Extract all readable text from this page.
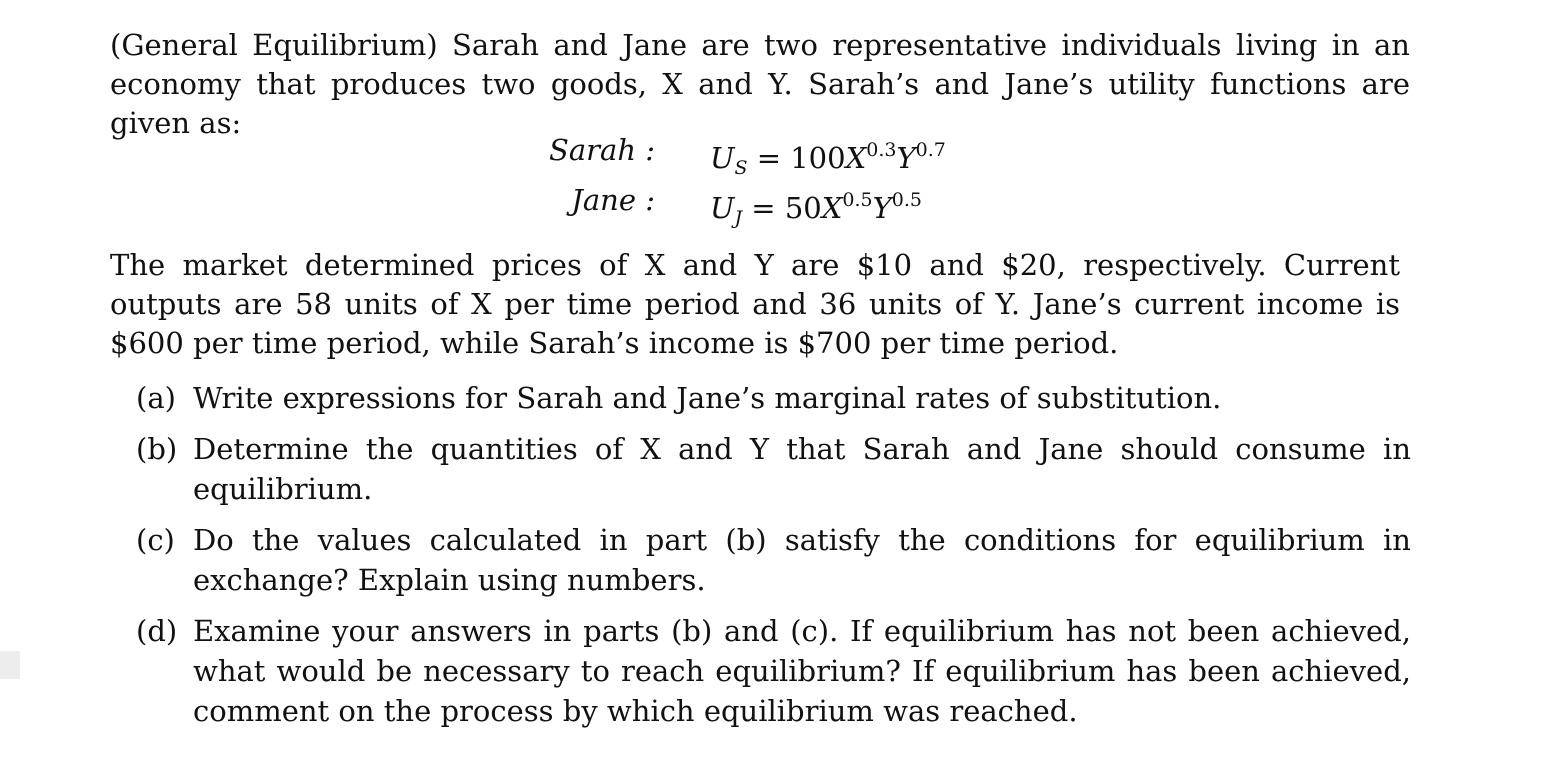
(General Equilibrium) Sarah and Jane are two representative individuals living in an economy that produces two goods, X and Y. Sarah’s and Jane’s utility functions are given as:

Sarah : $U_S = 100X^{0.3}Y^{0.7}$
Jane : $U_J = 50X^{0.5}Y^{0.5}$

The market determined prices of X and Y are $10 and $20, respectively. Current outputs are 58 units of X per time period and 36 units of Y. Jane’s current income is $600 per time period, while Sarah’s income is $700 per time period.

(a) Write expressions for Sarah and Jane’s marginal rates of substitution.
(b) Determine the quantities of X and Y that Sarah and Jane should consume in equilibrium.
(c) Do the values calculated in part (b) satisfy the conditions for equilibrium in exchange? Explain using numbers.
(d) Examine your answers in parts (b) and (c). If equilibrium has not been achieved, what would be necessary to reach equilibrium? If equilibrium has been achieved, comment on the process by which equilibrium was reached.
